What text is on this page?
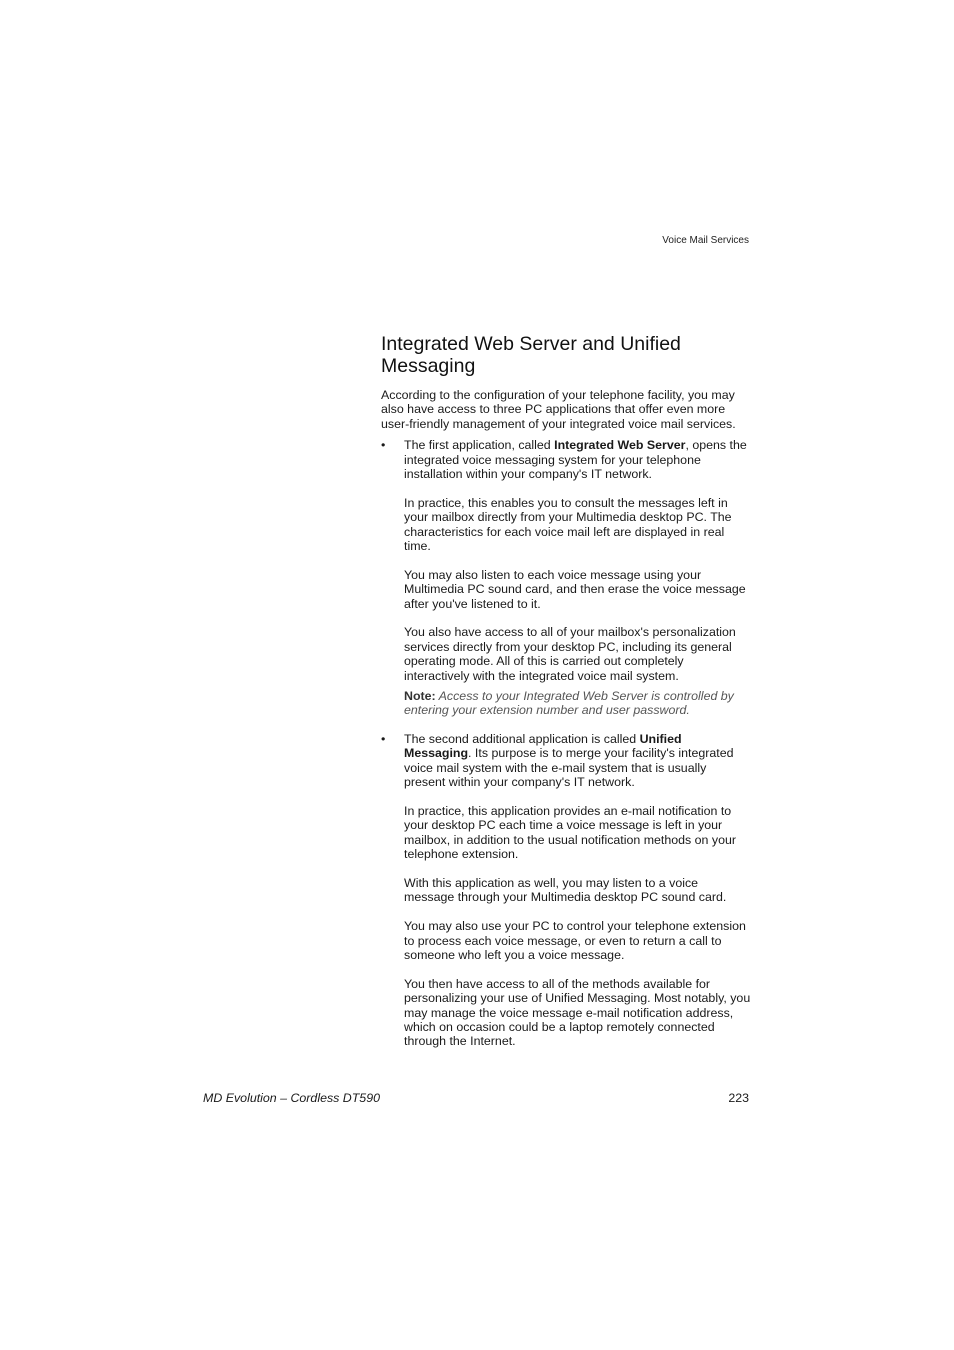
Voice Mail Services
Integrated Web Server and Unified Messaging

According to the configuration of your telephone facility, you may also have access to three PC applications that offer even more user-friendly management of your integrated voice mail services.

• The first application, called Integrated Web Server, opens the integrated voice messaging system for your telephone installation within your company's IT network.

In practice, this enables you to consult the messages left in your mailbox directly from your Multimedia desktop PC. The characteristics for each voice mail left are displayed in real time.

You may also listen to each voice message using your Multimedia PC sound card, and then erase the voice message after you've listened to it.

You also have access to all of your mailbox's personalization services directly from your desktop PC, including its general operating mode. All of this is carried out completely interactively with the integrated voice mail system.

Note: Access to your Integrated Web Server is controlled by entering your extension number and user password.

• The second additional application is called Unified Messaging. Its purpose is to merge your facility's integrated voice mail system with the e-mail system that is usually present within your company's IT network.

In practice, this application provides an e-mail notification to your desktop PC each time a voice message is left in your mailbox, in addition to the usual notification methods on your telephone extension.

With this application as well, you may listen to a voice message through your Multimedia desktop PC sound card.

You may also use your PC to control your telephone extension to process each voice message, or even to return a call to someone who left you a voice message.

You then have access to all of the methods available for personalizing your use of Unified Messaging. Most notably, you may manage the voice message e-mail notification address, which on occasion could be a laptop remotely connected through the Internet.

MD Evolution – Cordless DT590	223
